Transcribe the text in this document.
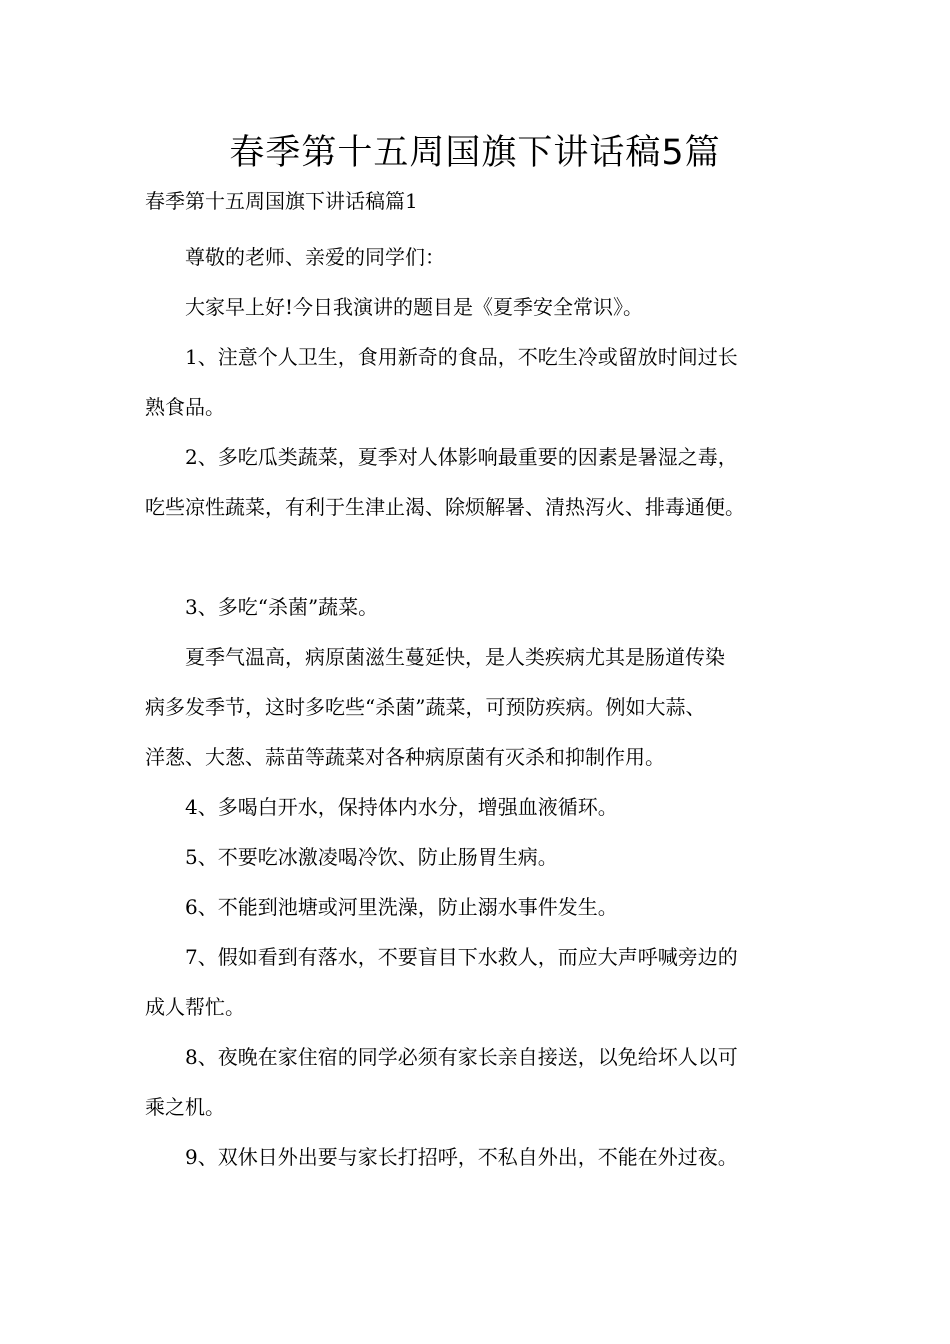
春季第十五周国旗下讲话稿5篇
春季第十五周国旗下讲话稿篇1

尊敬的老师、亲爱的同学们：

大家早上好!今日我演讲的题目是《夏季安全常识》。

1、注意个人卫生，食用新奇的食品，不吃生冷或留放时间过长
熟食品。

2、多吃瓜类蔬菜，夏季对人体影响最重要的因素是暑湿之毒，
吃些凉性蔬菜，有利于生津止渴、除烦解暑、清热泻火、排毒通便。

3、多吃“杀菌”蔬菜。

夏季气温高，病原菌滋生蔓延快，是人类疾病尤其是肠道传染
病多发季节，这时多吃些“杀菌”蔬菜，可预防疾病。例如大蒜、
洋葱、大葱、蒜苗等蔬菜对各种病原菌有灭杀和抑制作用。

4、多喝白开水，保持体内水分，增强血液循环。

5、不要吃冰激凌喝冷饮、防止肠胃生病。

6、不能到池塘或河里洗澡，防止溺水事件发生。

7、假如看到有落水，不要盲目下水救人，而应大声呼喊旁边的
成人帮忙。

8、夜晚在家住宿的同学必须有家长亲自接送，以免给坏人以可
乘之机。

9、双休日外出要与家长打招呼，不私自外出，不能在外过夜。
